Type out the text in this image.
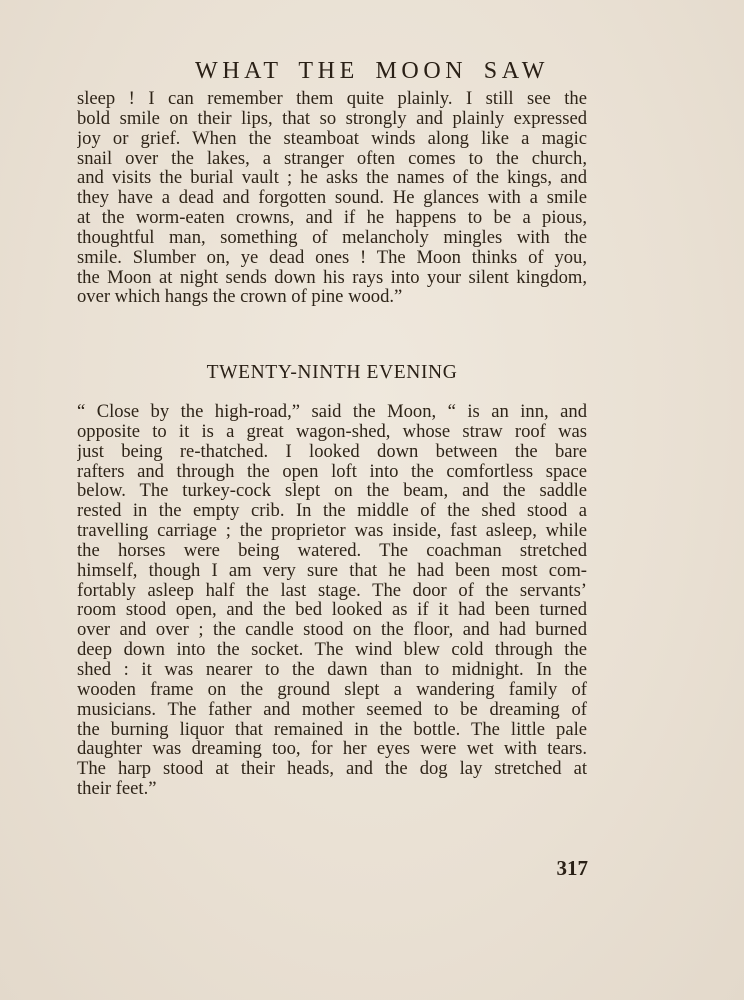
WHAT THE MOON SAW
sleep ! I can remember them quite plainly. I still see the
bold smile on their lips, that so strongly and plainly expressed
joy or grief. When the steamboat winds along like a magic
snail over the lakes, a stranger often comes to the church,
and visits the burial vault ; he asks the names of the kings, and
they have a dead and forgotten sound. He glances with a smile
at the worm-eaten crowns, and if he happens to be a pious,
thoughtful man, something of melancholy mingles with the
smile. Slumber on, ye dead ones ! The Moon thinks of you,
the Moon at night sends down his rays into your silent kingdom,
over which hangs the crown of pine wood.”
TWENTY-NINTH EVENING
“ Close by the high-road,” said the Moon, “ is an inn, and
opposite to it is a great wagon-shed, whose straw roof was
just being re-thatched. I looked down between the bare
rafters and through the open loft into the comfortless space
below. The turkey-cock slept on the beam, and the saddle
rested in the empty crib. In the middle of the shed stood a
travelling carriage ; the proprietor was inside, fast asleep, while
the horses were being watered. The coachman stretched
himself, though I am very sure that he had been most com-
fortably asleep half the last stage. The door of the servants’
room stood open, and the bed looked as if it had been turned
over and over ; the candle stood on the floor, and had burned
deep down into the socket. The wind blew cold through the
shed : it was nearer to the dawn than to midnight. In the
wooden frame on the ground slept a wandering family of
musicians. The father and mother seemed to be dreaming of
the burning liquor that remained in the bottle. The little pale
daughter was dreaming too, for her eyes were wet with tears.
The harp stood at their heads, and the dog lay stretched at
their feet.”
317
